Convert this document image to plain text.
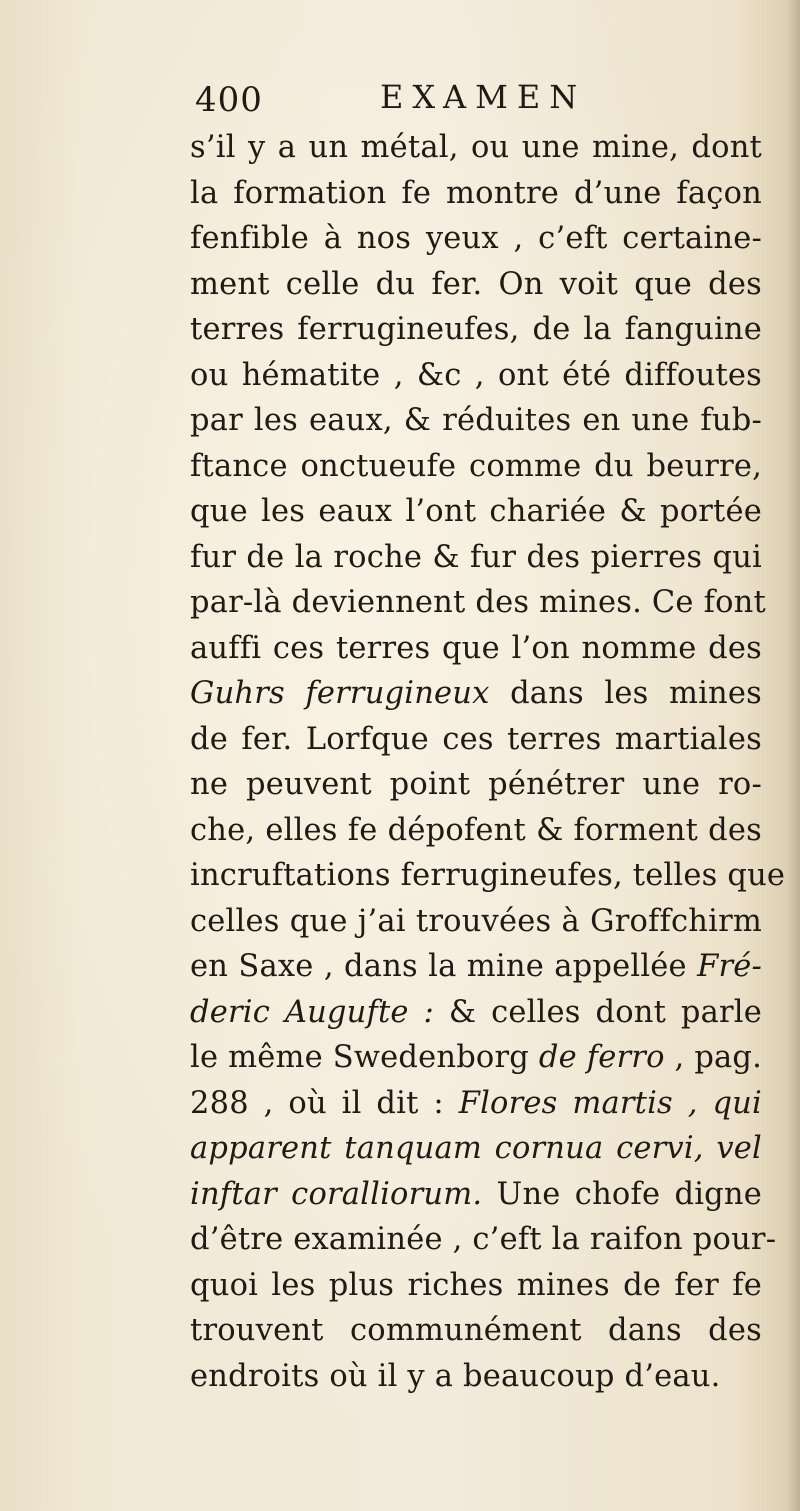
400	EXAMEN
s’il y a un métal, ou une mine, dont
la formation fe montre d’une façon
fenfible à nos yeux , c’eft certaine-
ment celle du fer. On voit que des
terres ferrugineufes, de la fanguine
ou hématite , &c , ont été diffoutes
par les eaux, & réduites en une fub-
ftance onctueufe comme du beurre,
que les eaux l’ont chariée & portée
fur de la roche & fur des pierres qui
par-là deviennent des mines. Ce font
auffi ces terres que l’on nomme des
Guhrs ferrugineux dans les mines
de fer. Lorfque ces terres martiales
ne peuvent point pénétrer une ro-
che, elles fe dépofent & forment des
incruftations ferrugineufes, telles que
celles que j’ai trouvées à Groffchirm
en Saxe , dans la mine appellée Fré-
deric Augufte : & celles dont parle
le même Swedenborg de ferro , pag.
288 , où il dit : Flores martis , qui
apparent tanquam cornua cervi, vel
inftar coralliorum. Une chofe digne
d’être examinée , c’eft la raifon pour-
quoi les plus riches mines de fer fe
trouvent communément dans des
endroits où il y a beaucoup d’eau.
